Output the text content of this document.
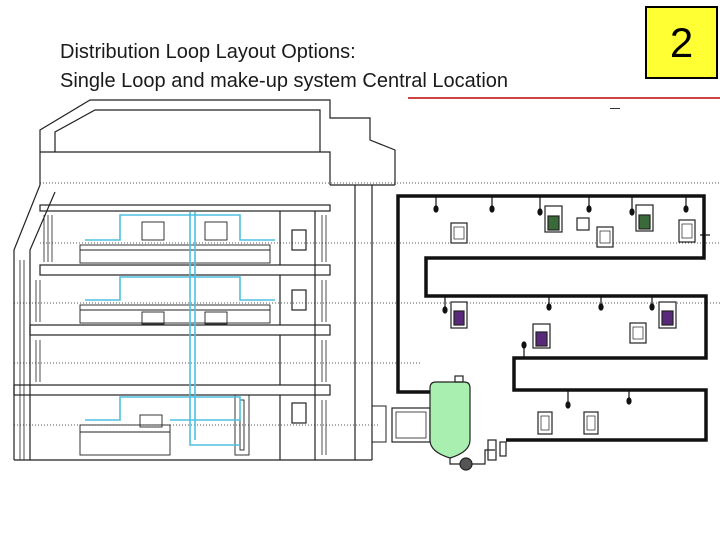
Distribution Loop Layout Options:
Single Loop and make-up system Central Location
2
